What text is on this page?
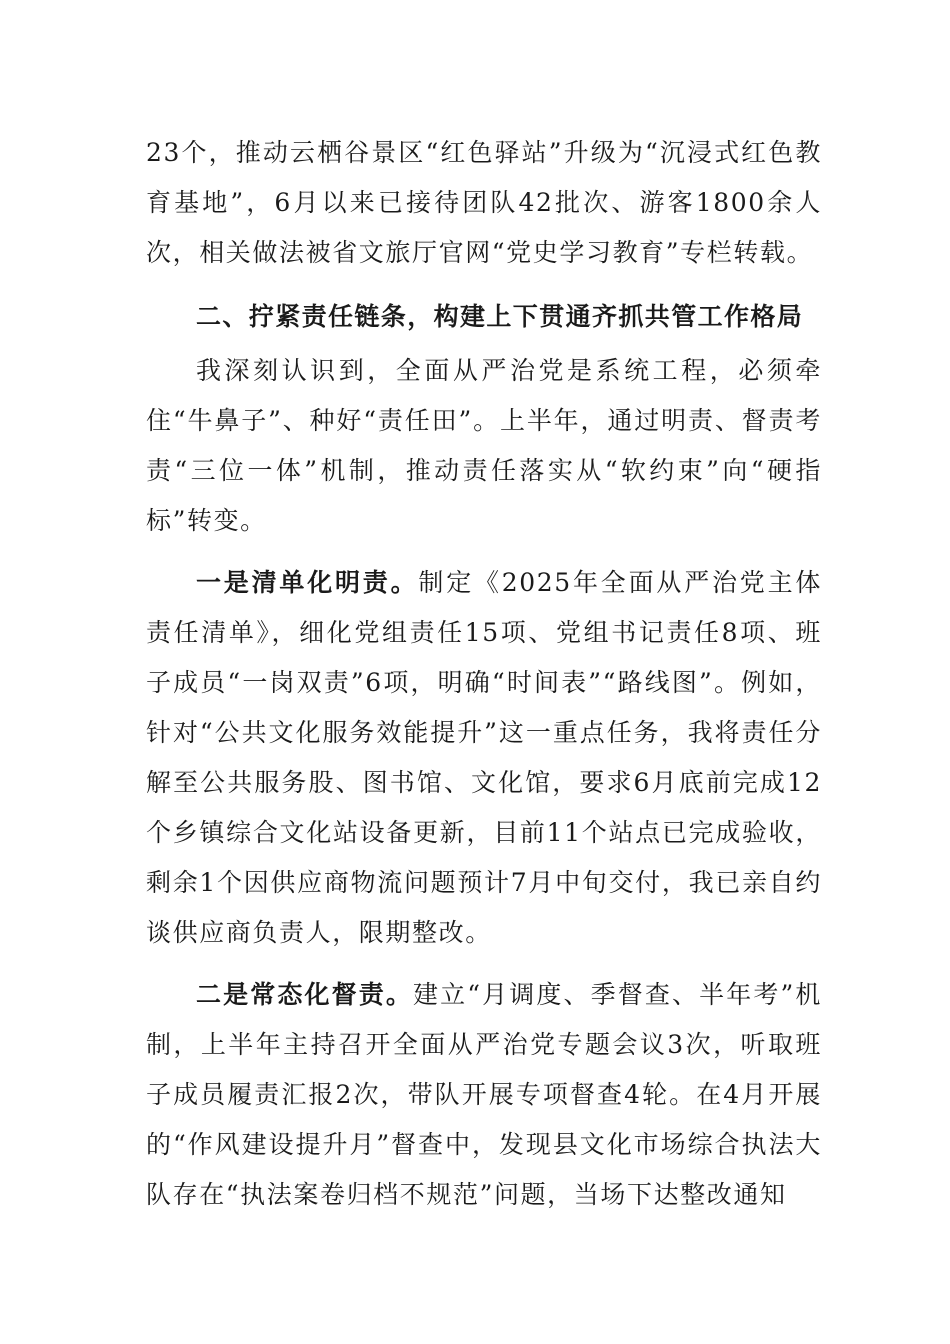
23个，推动云栖谷景区“红色驿站”升级为“沉浸式红色教育基地”，6月以来已接待团队42批次、游客1800余人次，相关做法被省文旅厅官网“党史学习教育”专栏转载。

二、拧紧责任链条，构建上下贯通齐抓共管工作格局

我深刻认识到，全面从严治党是系统工程，必须牵住“牛鼻子”、种好“责任田”。上半年，通过明责、督责考责“三位一体”机制，推动责任落实从“软约束”向“硬指标”转变。

一是清单化明责。制定《2025年全面从严治党主体责任清单》，细化党组责任15项、党组书记责任8项、班子成员“一岗双责”6项，明确“时间表”“路线图”。例如，针对“公共文化服务效能提升”这一重点任务，我将责任分解至公共服务股、图书馆、文化馆，要求6月底前完成12个乡镇综合文化站设备更新，目前11个站点已完成验收，剩余1个因供应商物流问题预计7月中旬交付，我已亲自约谈供应商负责人，限期整改。

二是常态化督责。建立“月调度、季督查、半年考”机制，上半年主持召开全面从严治党专题会议3次，听取班子成员履责汇报2次，带队开展专项督查4轮。在4月开展的“作风建设提升月”督查中，发现县文化市场综合执法大队存在“执法案卷归档不规范”问题，当场下达整改通知
